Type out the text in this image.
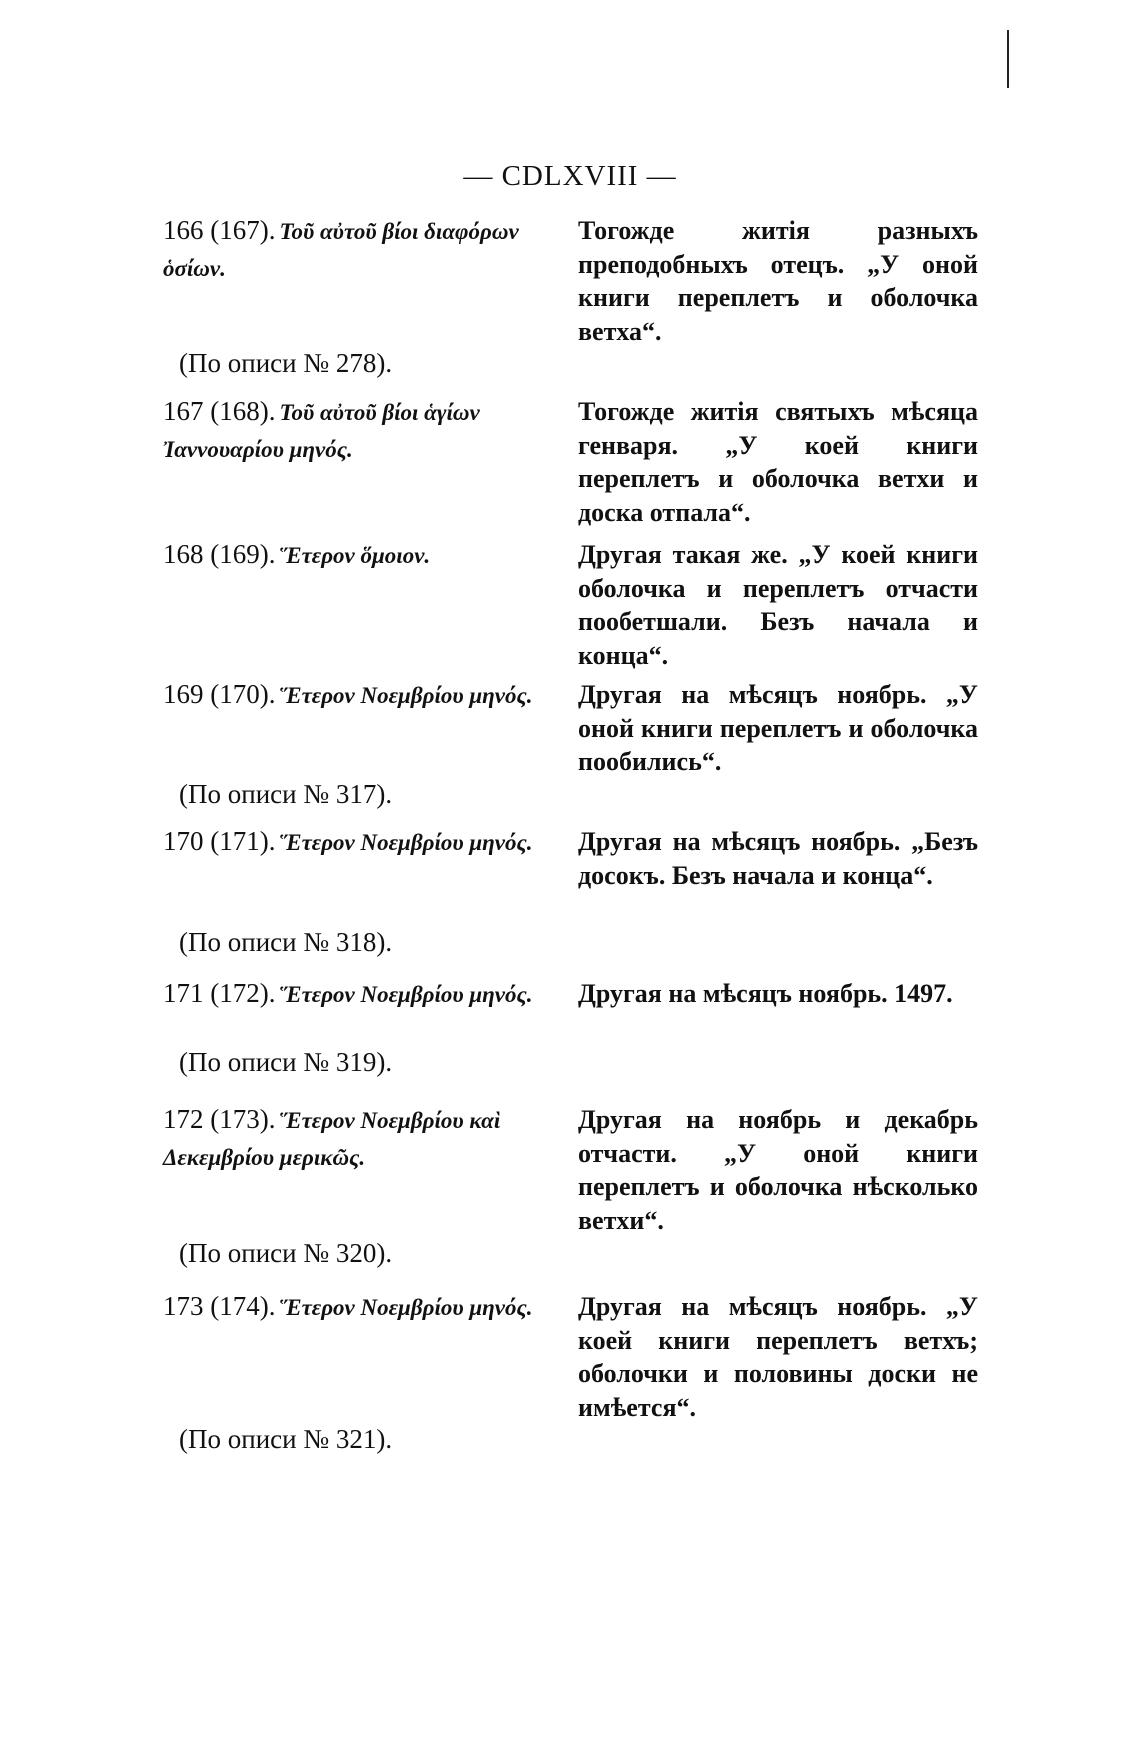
— CDLXVIII —
166 (167). Τοῦ αὐτοῦ βίοι διαφόρων ὁσίων.
(По описи № 278).
Тогожде житія разныхъ преподобныхъ отецъ. „У оной книги переплетъ и оболочка ветха“.
167 (168). Τοῦ αὐτοῦ βίοι ἁγίων Ἰαννουαρίου μηνός.
Тогожде житія святыхъ мѣсяца генваря. „У коей книги переплетъ и оболочка ветхи и доска отпала“.
168 (169). Ἕτερον ὅμοιον.	Другая такая же. „У коей книги оболочка и переплетъ отчасти пообетшали. Безъ начала и конца“.
169 (170). Ἕτερον Νοεμβρίου μηνός.
(По описи № 317).
Другая на мѣсяцъ ноябрь. „У оной книги переплетъ и оболочка пообились“.
170 (171). Ἕτερον Νοεμβρίου μηνός.
(По описи № 318).
Другая на мѣсяцъ ноябрь. „Безъ досокъ. Безъ начала и конца“.
171 (172). Ἕτερον Νοεμβρίου μηνός.
(По описи № 319).
Другая на мѣсяцъ ноябрь. 1497.
172 (173). Ἕτερον Νοεμβρίου καὶ Δεκεμβρίου μερικῶς.
(По описи № 320).
Другая на ноябрь и декабрь отчасти. „У оной книги переплетъ и оболочка нѣсколько ветхи“.
173 (174). Ἕτερον Νοεμβρίου μηνός.
(По описи № 321).
Другая на мѣсяцъ ноябрь. „У коей книги переплетъ ветхъ; оболочки и половины доски не имѣется“.
